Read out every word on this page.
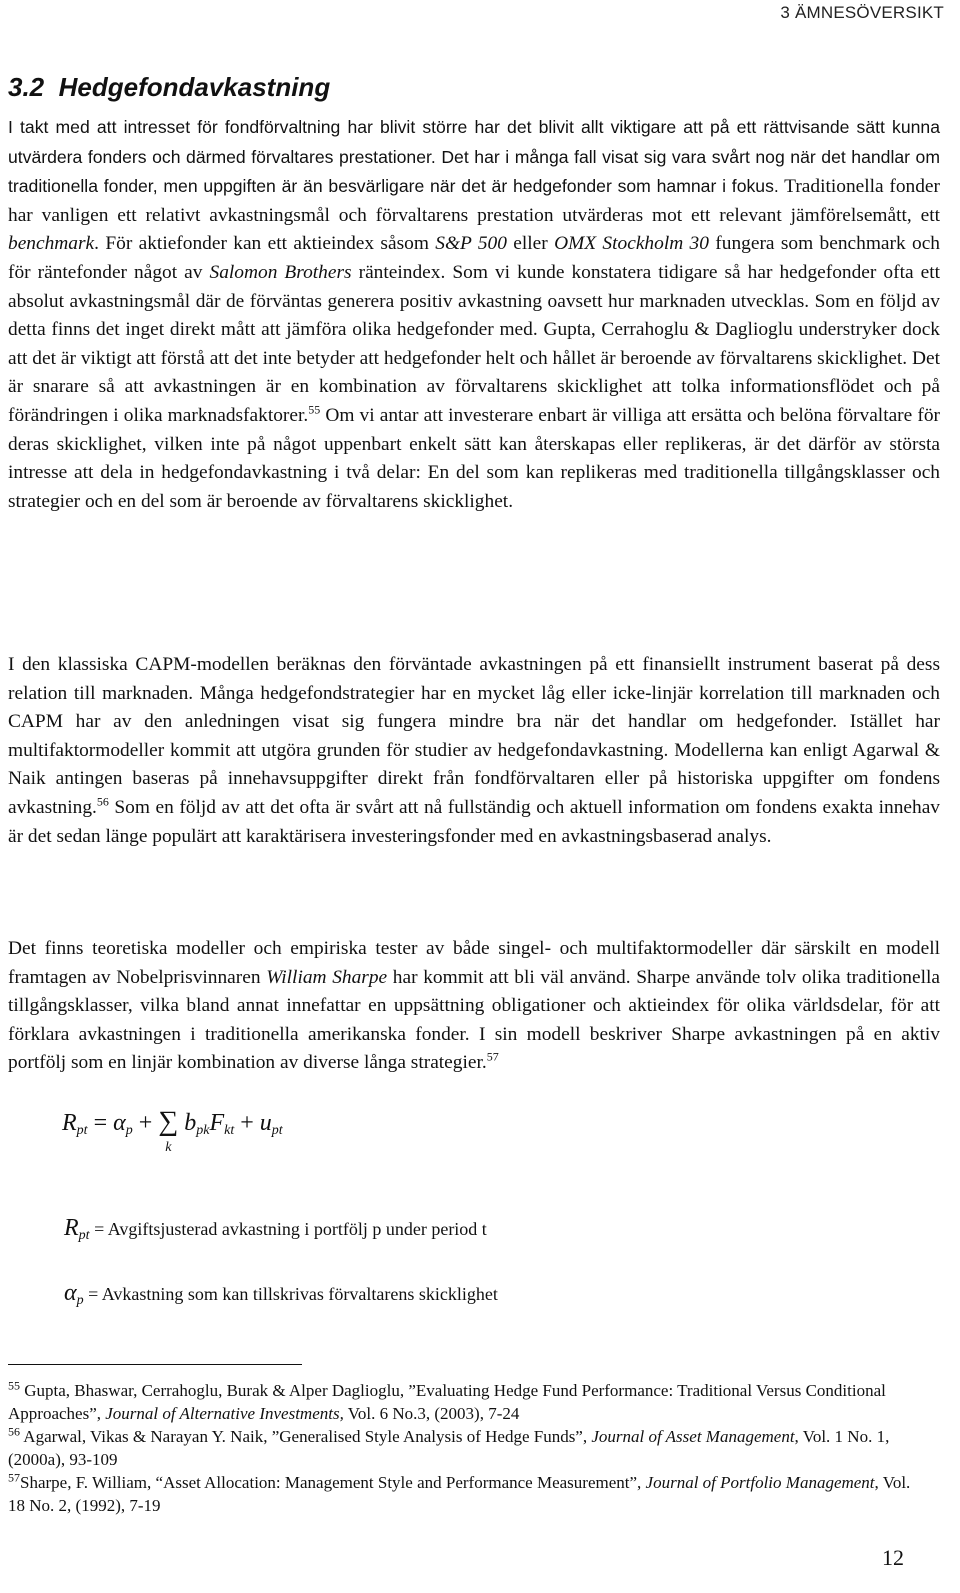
3 ÄMNESÖVERSIKT
3.2 Hedgefondavkastning

I takt med att intresset för fondförvaltning har blivit större har det blivit allt viktigare att på ett rättvisande sätt kunna utvärdera fonders och därmed förvaltares prestationer. Det har i många fall visat sig vara svårt nog när det handlar om traditionella fonder, men uppgiften är än besvärligare när det är hedgefonder som hamnar i fokus. Traditionella fonder har vanligen ett relativt avkastningsmål och förvaltarens prestation utvärderas mot ett relevant jämförelsemått, ett benchmark. För aktiefonder kan ett aktieindex såsom S&P 500 eller OMX Stockholm 30 fungera som benchmark och för räntefonder något av Salomon Brothers ränteindex. Som vi kunde konstatera tidigare så har hedgefonder ofta ett absolut avkastningsmål där de förväntas generera positiv avkastning oavsett hur marknaden utvecklas. Som en följd av detta finns det inget direkt mått att jämföra olika hedgefonder med. Gupta, Cerrahoglu & Daglioglu understryker dock att det är viktigt att förstå att det inte betyder att hedgefonder helt och hållet är beroende av förvaltarens skicklighet. Det är snarare så att avkastningen är en kombination av förvaltarens skicklighet att tolka informationsflödet och på förändringen i olika marknadsfaktorer.$^{55}$ Om vi antar att investerare enbart är villiga att ersätta och belöna förvaltare för deras skicklighet, vilken inte på något uppenbart enkelt sätt kan återskapas eller replikeras, är det därför av största intresse att dela in hedgefondavkastning i två delar: En del som kan replikeras med traditionella tillgångsklasser och strategier och en del som är beroende av förvaltarens skicklighet.

I den klassiska CAPM-modellen beräknas den förväntade avkastningen på ett finansiellt instrument baserat på dess relation till marknaden. Många hedgefondstrategier har en mycket låg eller icke-linjär korrelation till marknaden och CAPM har av den anledningen visat sig fungera mindre bra när det handlar om hedgefonder. Istället har multifaktormodeller kommit att utgöra grunden för studier av hedgefondavkastning. Modellerna kan enligt Agarwal & Naik antingen baseras på innehavsuppgifter direkt från fondförvaltaren eller på historiska uppgifter om fondens avkastning.$^{56}$ Som en följd av att det ofta är svårt att nå fullständig och aktuell information om fondens exakta innehav är det sedan länge populärt att karaktärisera investeringsfonder med en avkastningsbaserad analys.

Det finns teoretiska modeller och empiriska tester av både singel- och multifaktormodeller där särskilt en modell framtagen av Nobelprisvinnaren William Sharpe har kommit att bli väl använd. Sharpe använde tolv olika traditionella tillgångsklasser, vilka bland annat innefattar en uppsättning obligationer och aktieindex för olika världsdelar, för att förklara avkastningen i traditionella amerikanska fonder. I sin modell beskriver Sharpe avkastningen på en aktiv portfölj som en linjär kombination av diverse långa strategier.$^{57}$

$R_{pt} = \alpha_p$ + ∑
k
$b_{pk}F_{kt} + u_{pt}$
$R_{pt}$ = Avgiftsjusterad avkastning i portfölj p under period t
$\alpha_p$ = Avkastning som kan tillskrivas förvaltarens skicklighet

$^{55}$ Gupta, Bhaswar, Cerrahoglu, Burak & Alper Daglioglu, ”Evaluating Hedge Fund Performance: Traditional Versus Conditional Approaches”, Journal of Alternative Investments, Vol. 6 No.3, (2003), 7-24

$^{56}$ Agarwal, Vikas & Narayan Y. Naik, ”Generalised Style Analysis of Hedge Funds”, Journal of Asset Management, Vol. 1 No. 1, (2000a), 93-109

$^{57}$Sharpe, F. William, “Asset Allocation: Management Style and Performance Measurement”, Journal of Portfolio Management, Vol. 18 No. 2, (1992), 7-19

12
